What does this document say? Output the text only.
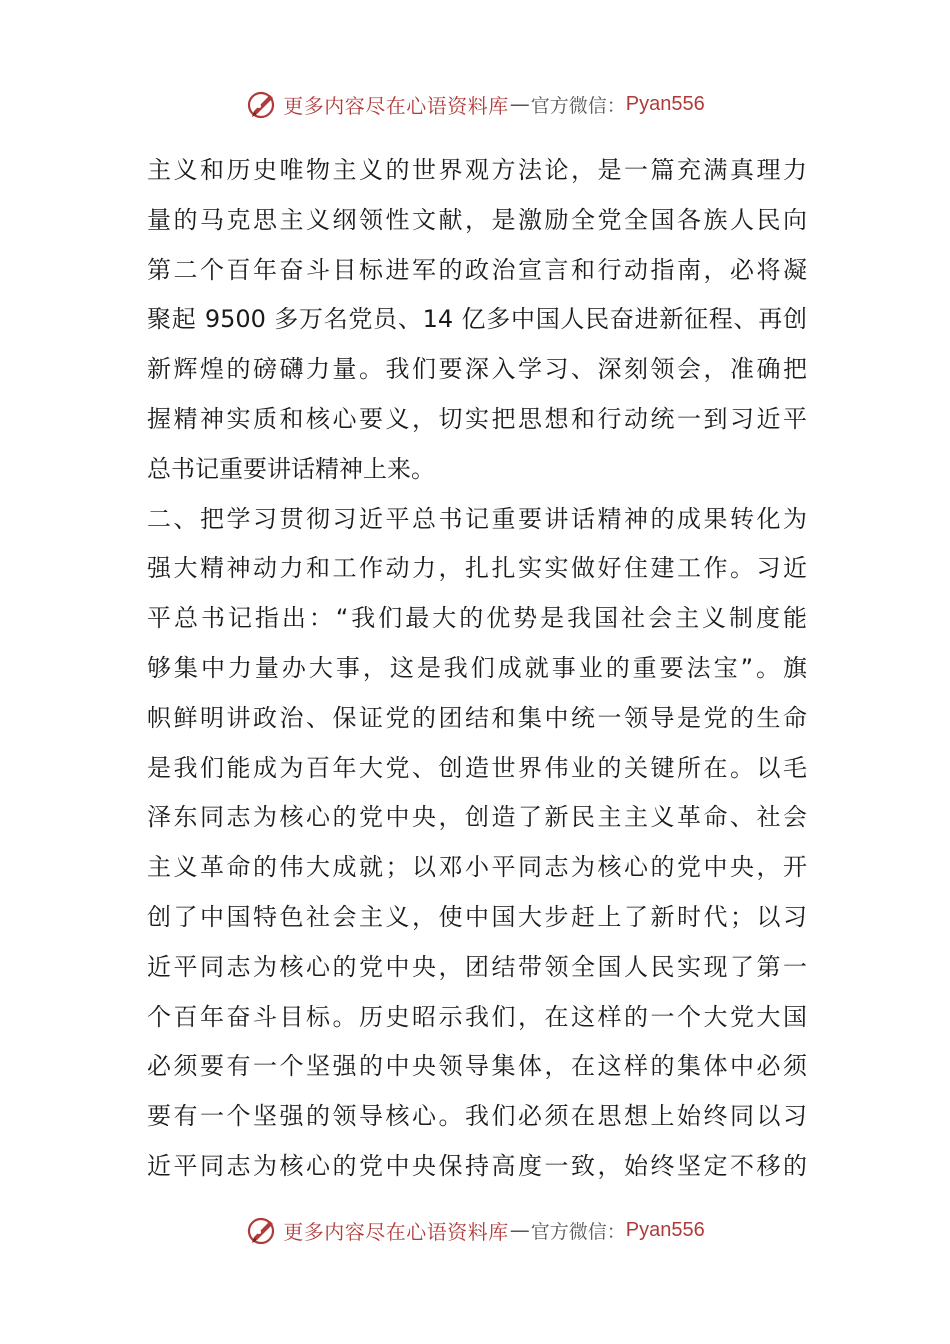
更多内容尽在心语资料库 — 官方微信： Pyan556
主义和历史唯物主义的世界观方法论，是一篇充满真理力
量的马克思主义纲领性文献，是激励全党全国各族人民向
第二个百年奋斗目标进军的政治宣言和行动指南，必将凝
聚起 9500 多万名党员、14 亿多中国人民奋进新征程、再创
新辉煌的磅礴力量。我们要深入学习、深刻领会，准确把
握精神实质和核心要义，切实把思想和行动统一到习近平
总书记重要讲话精神上来。
二、把学习贯彻习近平总书记重要讲话精神的成果转化为
强大精神动力和工作动力，扎扎实实做好住建工作。习近
平总书记指出：“我们最大的优势是我国社会主义制度能
够集中力量办大事，这是我们成就事业的重要法宝”。旗
帜鲜明讲政治、保证党的团结和集中统一领导是党的生命
是我们能成为百年大党、创造世界伟业的关键所在。以毛
泽东同志为核心的党中央，创造了新民主主义革命、社会
主义革命的伟大成就；以邓小平同志为核心的党中央，开
创了中国特色社会主义，使中国大步赶上了新时代；以习
近平同志为核心的党中央，团结带领全国人民实现了第一
个百年奋斗目标。历史昭示我们，在这样的一个大党大国
必须要有一个坚强的中央领导集体，在这样的集体中必须
要有一个坚强的领导核心。我们必须在思想上始终同以习
近平同志为核心的党中央保持高度一致，始终坚定不移的
更多内容尽在心语资料库 — 官方微信： Pyan556
